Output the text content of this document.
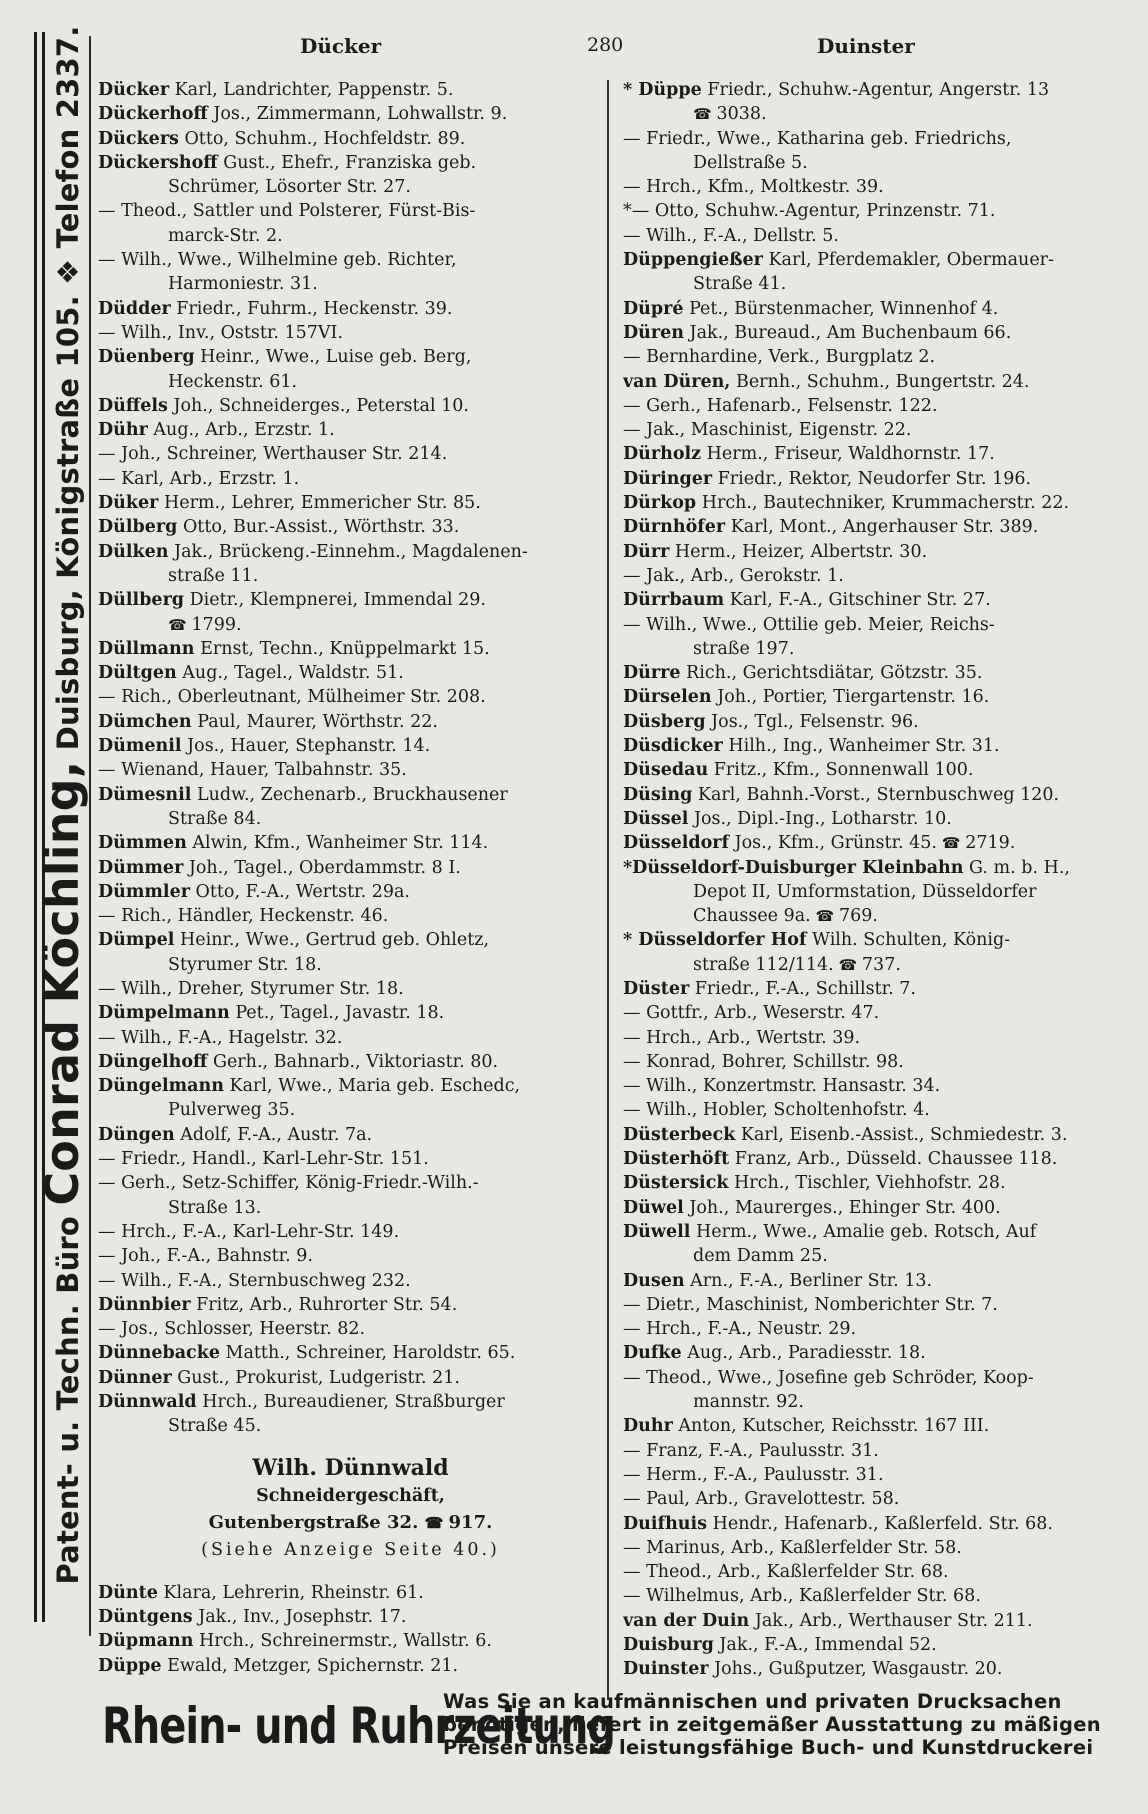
Patent- u. Techn. Büro Conrad Köchling, Duisburg, Königstraße 105. ❖ Telefon 2337.	Dücker	280	Duinster
Dücker Karl, Landrichter, Pappenstr. 5.
Dückerhoff Jos., Zimmermann, Lohwallstr. 9.
Dückers Otto, Schuhm., Hochfeldstr. 89.
Dückershoff Gust., Ehefr., Franziska geb.
Schrümer, Lösorter Str. 27.
— Theod., Sattler und Polsterer, Fürst-Bis-
marck-Str. 2.
— Wilh., Wwe., Wilhelmine geb. Richter,
Harmoniestr. 31.
Düdder Friedr., Fuhrm., Heckenstr. 39.
— Wilh., Inv., Oststr. 157VI.
Düenberg Heinr., Wwe., Luise geb. Berg,
Heckenstr. 61.
Düffels Joh., Schneiderges., Peterstal 10.
Dühr Aug., Arb., Erzstr. 1.
— Joh., Schreiner, Werthauser Str. 214.
— Karl, Arb., Erzstr. 1.
Düker Herm., Lehrer, Emmericher Str. 85.
Dülberg Otto, Bur.-Assist., Wörthstr. 33.
Dülken Jak., Brückeng.-Einnehm., Magdalenen-
straße 11.
Düllberg Dietr., Klempnerei, Immendal 29.
☎ 1799.
Düllmann Ernst, Techn., Knüppelmarkt 15.
Dültgen Aug., Tagel., Waldstr. 51.
— Rich., Oberleutnant, Mülheimer Str. 208.
Dümchen Paul, Maurer, Wörthstr. 22.
Dümenil Jos., Hauer, Stephanstr. 14.
— Wienand, Hauer, Talbahnstr. 35.
Dümesnil Ludw., Zechenarb., Bruckhausener
Straße 84.
Dümmen Alwin, Kfm., Wanheimer Str. 114.
Dümmer Joh., Tagel., Oberdammstr. 8 I.
Dümmler Otto, F.-A., Wertstr. 29a.
— Rich., Händler, Heckenstr. 46.
Dümpel Heinr., Wwe., Gertrud geb. Ohletz,
Styrumer Str. 18.
— Wilh., Dreher, Styrumer Str. 18.
Dümpelmann Pet., Tagel., Javastr. 18.
— Wilh., F.-A., Hagelstr. 32.
Düngelhoff Gerh., Bahnarb., Viktoriastr. 80.
Düngelmann Karl, Wwe., Maria geb. Eschedc,
Pulverweg 35.
Düngen Adolf, F.-A., Austr. 7a.
— Friedr., Handl., Karl-Lehr-Str. 151.
— Gerh., Setz-Schiffer, König-Friedr.-Wilh.-
Straße 13.
— Hrch., F.-A., Karl-Lehr-Str. 149.
— Joh., F.-A., Bahnstr. 9.
— Wilh., F.-A., Sternbuschweg 232.
Dünnbier Fritz, Arb., Ruhrorter Str. 54.
— Jos., Schlosser, Heerstr. 82.
Dünnebacke Matth., Schreiner, Haroldstr. 65.
Dünner Gust., Prokurist, Ludgeristr. 21.
Dünnwald Hrch., Bureaudiener, Straßburger
Straße 45.
Wilh. Dünnwald
Schneidergeschäft,
Gutenbergstraße 32. ☎ 917.
(Siehe Anzeige Seite 40.)
Dünte Klara, Lehrerin, Rheinstr. 61.
Düntgens Jak., Inv., Josephstr. 17.
Düpmann Hrch., Schreinermstr., Wallstr. 6.
Düppe Ewald, Metzger, Spichernstr. 21.
* Düppe Friedr., Schuhw.-Agentur, Angerstr. 13
☎ 3038.
— Friedr., Wwe., Katharina geb. Friedrichs,
Dellstraße 5.
— Hrch., Kfm., Moltkestr. 39.
*— Otto, Schuhw.-Agentur, Prinzenstr. 71.
— Wilh., F.-A., Dellstr. 5.
Düppengießer Karl, Pferdemakler, Obermauer-
Straße 41.
Düpré Pet., Bürstenmacher, Winnenhof 4.
Düren Jak., Bureaud., Am Buchenbaum 66.
— Bernhardine, Verk., Burgplatz 2.
van Düren, Bernh., Schuhm., Bungertstr. 24.
— Gerh., Hafenarb., Felsenstr. 122.
— Jak., Maschinist, Eigenstr. 22.
Dürholz Herm., Friseur, Waldhornstr. 17.
Düringer Friedr., Rektor, Neudorfer Str. 196.
Dürkop Hrch., Bautechniker, Krummacherstr. 22.
Dürnhöfer Karl, Mont., Angerhauser Str. 389.
Dürr Herm., Heizer, Albertstr. 30.
— Jak., Arb., Gerokstr. 1.
Dürrbaum Karl, F.-A., Gitschiner Str. 27.
— Wilh., Wwe., Ottilie geb. Meier, Reichs-
straße 197.
Dürre Rich., Gerichtsdiätar, Götzstr. 35.
Dürselen Joh., Portier, Tiergartenstr. 16.
Düsberg Jos., Tgl., Felsenstr. 96.
Düsdicker Hilh., Ing., Wanheimer Str. 31.
Düsedau Fritz., Kfm., Sonnenwall 100.
Düsing Karl, Bahnh.-Vorst., Sternbuschweg 120.
Düssel Jos., Dipl.-Ing., Lotharstr. 10.
Düsseldorf Jos., Kfm., Grünstr. 45. ☎ 2719.
*Düsseldorf-Duisburger Kleinbahn G. m. b. H.,
Depot II, Umformstation, Düsseldorfer
Chaussee 9a. ☎ 769.
* Düsseldorfer Hof Wilh. Schulten, König-
straße 112/114. ☎ 737.
Düster Friedr., F.-A., Schillstr. 7.
— Gottfr., Arb., Weserstr. 47.
— Hrch., Arb., Wertstr. 39.
— Konrad, Bohrer, Schillstr. 98.
— Wilh., Konzertmstr. Hansastr. 34.
— Wilh., Hobler, Scholtenhofstr. 4.
Düsterbeck Karl, Eisenb.-Assist., Schmiedestr. 3.
Düsterhöft Franz, Arb., Düsseld. Chaussee 118.
Düstersick Hrch., Tischler, Viehhofstr. 28.
Düwel Joh., Maurerges., Ehinger Str. 400.
Düwell Herm., Wwe., Amalie geb. Rotsch, Auf
dem Damm 25.
Dusen Arn., F.-A., Berliner Str. 13.
— Dietr., Maschinist, Nomberichter Str. 7.
— Hrch., F.-A., Neustr. 29.
Dufke Aug., Arb., Paradiesstr. 18.
— Theod., Wwe., Josefine geb Schröder, Koop-
mannstr. 92.
Duhr Anton, Kutscher, Reichsstr. 167 III.
— Franz, F.-A., Paulusstr. 31.
— Herm., F.-A., Paulusstr. 31.
— Paul, Arb., Gravelottestr. 58.
Duifhuis Hendr., Hafenarb., Kaßlerfeld. Str. 68.
— Marinus, Arb., Kaßlerfelder Str. 58.
— Theod., Arb., Kaßlerfelder Str. 68.
— Wilhelmus, Arb., Kaßlerfelder Str. 68.
van der Duin Jak., Arb., Werthauser Str. 211.
Duisburg Jak., F.-A., Immendal 52.
Duinster Johs., Gußputzer, Wasgaustr. 20.
Rhein- und Ruhrzeitung
Was Sie an kaufmännischen und privaten Drucksachen
benötigen, liefert in zeitgemäßer Ausstattung zu mäßigen
Preisen unsere leistungsfähige Buch- und Kunstdruckerei
